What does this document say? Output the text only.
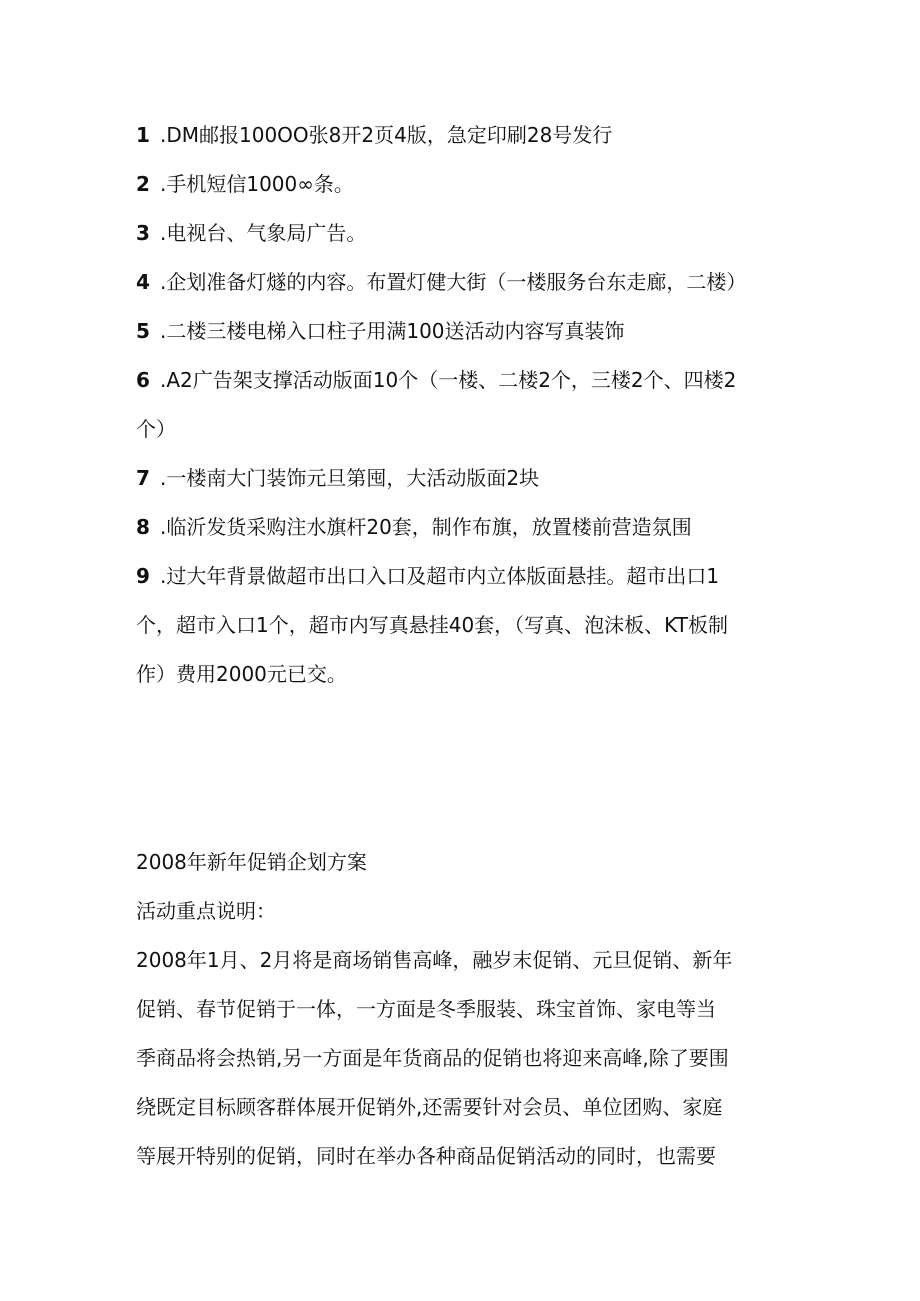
1 .DM邮报100OO张8开2页4版，急定印刷28号发行
2 .手机短信1000∞条。
3 .电视台、气象局广告。
4 .企划准备灯燧的内容。布置灯健大街（一楼服务台东走廊，二楼）
5 .二楼三楼电梯入口柱子用满100送活动内容写真装饰
6 .A2广告架支撑活动版面10个（一楼、二楼2个，三楼2个、四楼2
个）
7 .一楼南大门装饰元旦第囤，大活动版面2块
8 .临沂发货采购注水旗杆20套，制作布旗，放置楼前营造氛围
9 .过大年背景做超市出口入口及超市内立体版面悬挂。超市出口1
个，超市入口1个，超市内写真悬挂40套，（写真、泡沫板、KT板制
作）费用2000元已交。
2008年新年促销企划方案
活动重点说明：
2008年1月、2月将是商场销售高峰，融岁末促销、元旦促销、新年
促销、春节促销于一体，一方面是冬季服装、珠宝首饰、家电等当
季商品将会热销,另一方面是年货商品的促销也将迎来高峰,除了要围
绕既定目标顾客群体展开促销外,还需要针对会员、单位团购、家庭
等展开特别的促销，同时在举办各种商品促销活动的同时，也需要
